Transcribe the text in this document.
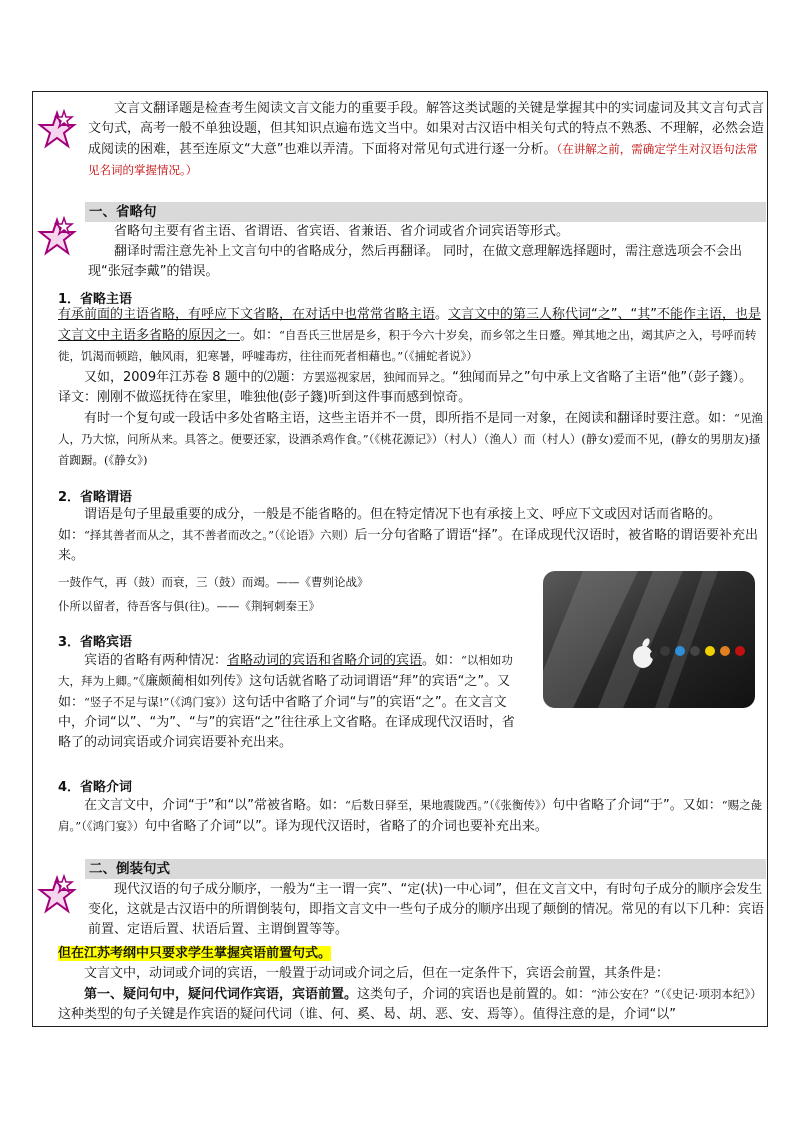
文言文翻译题是检查考生阅读文言文能力的重要手段。解答这类试题的关键是掌握其中的实词虚词及其文言句式言文句式，高考一般不单独设题，但其知识点遍布选文当中。如果对古汉语中相关句式的特点不熟悉、不理解，必然会造成阅读的困难，甚至连原文“大意”也难以弄清。下面将对常见句式进行逐一分析。（在讲解之前，需确定学生对汉语句法常见名词的掌握情况。）

一、省略句

省略句主要有省主语、省谓语、省宾语、省兼语、省介词或省介词宾语等形式。

翻译时需注意先补上文言句中的省略成分，然后再翻译。 同时，在做文意理解选择题时，需注意选项会不会出现“张冠李戴”的错误。

1．省略主语

有承前面的主语省略，有呼应下文省略，在对话中也常常省略主语。文言文中的第三人称代词“之”、“其”不能作主语，也是文言文中主语多省略的原因之一。如：“自吾氏三世居是乡，积于今六十岁矣，而乡邻之生日蹙。殚其地之出，竭其庐之入，号呼而转徙，饥渴而顿踣，触风雨，犯寒暑，呼嘘毒疠，往往而死者相藉也。”（《捕蛇者说》）

又如，2009年江苏卷 8 题中的⑵题：方罢巡视家居，独闻而异之。“独闻而异之”句中承上文省略了主语“他”（彭子籛）。 译文：刚刚不做巡抚待在家里，唯独他(彭子籛)听到这件事而感到惊奇。

有时一个复句或一段话中多处省略主语，这些主语并不一贯，即所指不是同一对象，在阅读和翻译时要注意。如：“见渔人，乃大惊，问所从来。具答之。便要还家，设酒杀鸡作食。”（《桃花源记》）（村人）（渔人）而（村人）(静女)爱而不见，(静女的男朋友)搔首踟蹰。(《静女》)

2．省略谓语

谓语是句子里最重要的成分，一般是不能省略的。但在特定情况下也有承接上文、呼应下文或因对话而省略的。如：“择其善者而从之，其不善者而改之。”（《论语》六则）后一分句省略了谓语“择”。在译成现代汉语时，被省略的谓语要补充出来。

一鼓作气，再（鼓）而衰，三（鼓）而竭。——《曹刿论战》

仆所以留者，待吾客与俱(往)。——《荆轲刺秦王》

3．省略宾语

宾语的省略有两种情况：省略动词的宾语和省略介词的宾语。如：“以相如功大，拜为上卿。”《廉颇蔺相如列传》这句话就省略了动词谓语“拜”的宾语“之”。又如：“竖子不足与谋!”（《鸿门宴》）这句话中省略了介词“与”的宾语“之”。在文言文中，介词“以”、“为”、“与”的宾语“之”往往承上文省略。在译成现代汉语时，省略了的动词宾语或介词宾语要补充出来。

4．省略介词

在文言文中，介词“于”和“以”常被省略。如：“后数日驿至，果地震陇西。”（《张衡传》）句中省略了介词“于”。又如：“赐之彘肩。”（《鸿门宴》）句中省略了介词“以”。译为现代汉语时，省略了的介词也要补充出来。

二、倒装句式

现代汉语的句子成分顺序，一般为“主一谓一宾”、“定(状)一中心词”，但在文言文中，有时句子成分的顺序会发生变化，这就是古汉语中的所谓倒装句，即指文言文中一些句子成分的顺序出现了颠倒的情况。常见的有以下几种：宾语前置、定语后置、状语后置、主谓倒置等等。

但在江苏考纲中只要求学生掌握宾语前置句式。

文言文中，动词或介词的宾语，一般置于动词或介词之后，但在一定条件下，宾语会前置，其条件是：

第一、疑问句中，疑问代词作宾语，宾语前置。这类句子，介词的宾语也是前置的。如：“沛公安在？”（《史记·项羽本纪》）这种类型的句子关键是作宾语的疑问代词（谁、何、奚、曷、胡、恶、安、焉等）。值得注意的是，介词“以”
